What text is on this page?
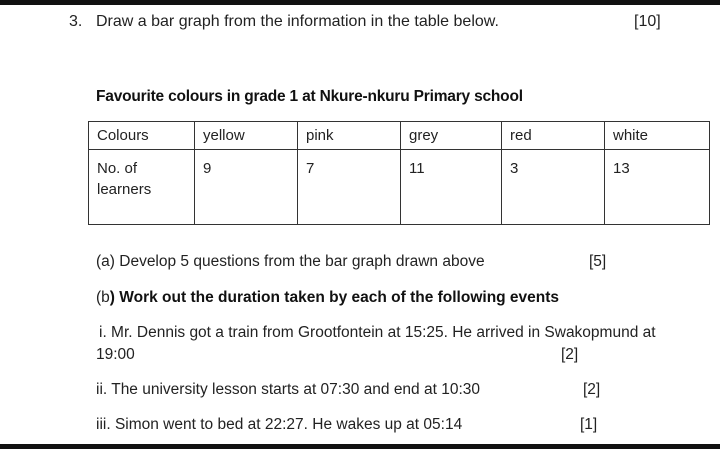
3. Draw a bar graph from the information in the table below.	[10]
Favourite colours in grade 1 at Nkure-nkuru Primary school
Colours	yellow	pink	grey	red	white
No. of
learners	9	7	11	3	13
(a) Develop 5 questions from the bar graph drawn above	[5]
(b) Work out the duration taken by each of the following events
i. Mr. Dennis got a train from Grootfontein at 15:25. He arrived in Swakopmund at
19:00	[2]
ii. The university lesson starts at 07:30 and end at 10:30	[2]
iii. Simon went to bed at 22:27. He wakes up at 05:14	[1]
